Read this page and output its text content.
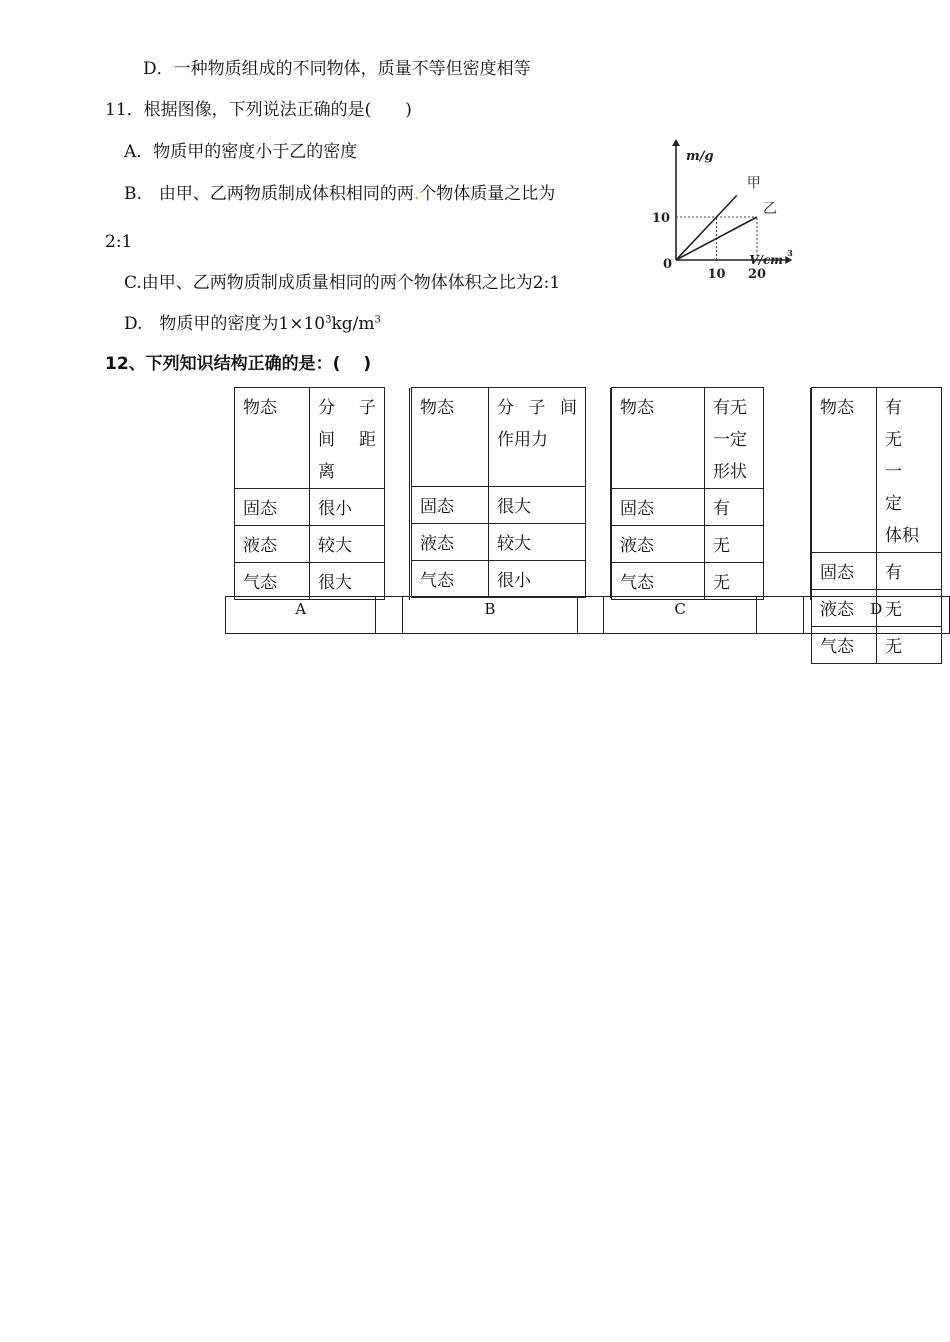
D．一种物质组成的不同物体，质量不等但密度相等
11．根据图像，下列说法正确的是(　　)
A．物质甲的密度小于乙的密度
B.　由甲、乙两物质制成体积相同的两.个物体质量之比为
2:1
C.由甲、乙两物质制成质量相同的两个物体体积之比为2:1
D.　物质甲的密度为$1\times 10^3kg/m^3$
甲
乙
10 20
10
0
m/g
V/cm 3
12、下列知识结构正确的是：(　 )
物态	分　子
间　距
离	

固态	很小	
液态	较大	
气态	很大	
物态	分子间
作用力	

固态	很大	
液态	较大	
气态	很小	
物态	有无
一定
形状	

固态	有	
液态	无	
气态	无	
物态	有　无
一　定
体积

固态	有
液态	无
气态	无
A		B		C		D
